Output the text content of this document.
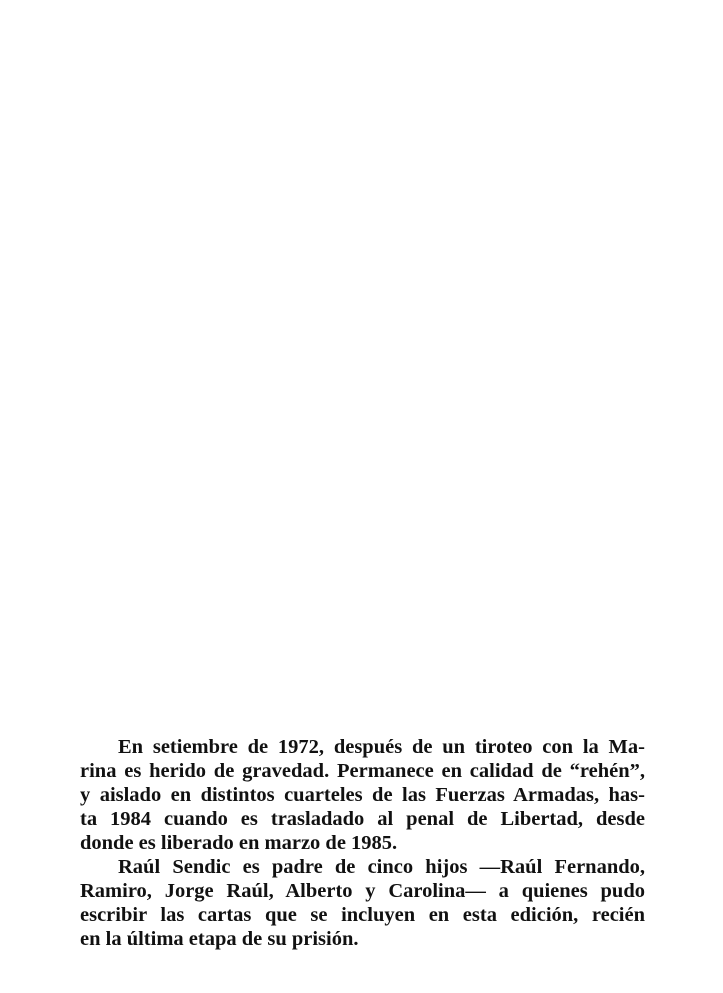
En setiembre de 1972, después de un tiroteo con la Ma-
rina es herido de gravedad. Permanece en calidad de “rehén”,
y aislado en distintos cuarteles de las Fuerzas Armadas, has-
ta 1984 cuando es trasladado al penal de Libertad, desde
donde es liberado en marzo de 1985.
Raúl Sendic es padre de cinco hijos —Raúl Fernando,
Ramiro, Jorge Raúl, Alberto y Carolina— a quienes pudo
escribir las cartas que se incluyen en esta edición, recién
en la última etapa de su prisión.
